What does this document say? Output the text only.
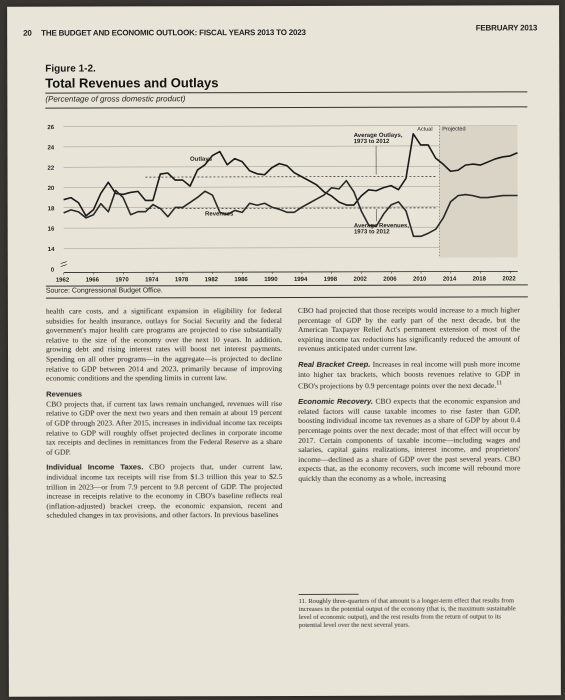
20 THE BUDGET AND ECONOMIC OUTLOOK: FISCAL YEARS 2013 TO 2023
FEBRUARY 2013
Figure 1-2.
Total Revenues and Outlays
(Percentage of gross domestic product)
14
16
18
20
22
24
26
0
1962	1966	1970	1974	1978	1982	1986	1990	1994	1998	2002	2006	2010	2014	2018	2022
Actual Projected
Outlays
Revenues
Average Outlays,
1973 to 2012
Average Revenues,
1973 to 2012
Source: Congressional Budget Office.

health care costs, and a significant expansion in eligibility for federal subsidies for health insurance, outlays for Social Security and the federal government's major health care programs are projected to rise substantially relative to the size of the economy over the next 10 years. In addition, growing debt and rising interest rates will boost net interest payments. Spending on all other programs—in the aggregate—is projected to decline relative to GDP between 2014 and 2023, primarily because of improving economic conditions and the spending limits in current law.

Revenues

CBO projects that, if current tax laws remain unchanged, revenues will rise relative to GDP over the next two years and then remain at about 19 percent of GDP through 2023. After 2015, increases in individual income tax receipts relative to GDP will roughly offset projected declines in corporate income tax receipts and declines in remittances from the Federal Reserve as a share of GDP.

Individual Income Taxes. CBO projects that, under current law, individual income tax receipts will rise from $1.3 trillion this year to $2.5 trillion in 2023—or from 7.9 percent to 9.8 percent of GDP. The projected increase in receipts relative to the economy in CBO's baseline reflects real (inflation-adjusted) bracket creep, the economic expansion, recent and scheduled changes in tax provisions, and other factors. In previous baselines

CBO had projected that those receipts would increase to a much higher percentage of GDP by the early part of the next decade, but the American Taxpayer Relief Act's permanent extension of most of the expiring income tax reductions has significantly reduced the amount of revenues anticipated under current law.

Real Bracket Creep. Increases in real income will push more income into higher tax brackets, which boosts revenues relative to GDP in CBO's projections by 0.9 percentage points over the next decade.$^{11}$

Economic Recovery. CBO expects that the economic expansion and related factors will cause taxable incomes to rise faster than GDP, boosting individual income tax revenues as a share of GDP by about 0.4 percentage points over the next decade; most of that effect will occur by 2017. Certain components of taxable income—including wages and salaries, capital gains realizations, interest income, and proprietors' income—declined as a share of GDP over the past several years. CBO expects that, as the economy recovers, such income will rebound more quickly than the economy as a whole, increasing

11. Roughly three-quarters of that amount is a longer-term effect that results from increases in the potential output of the economy (that is, the maximum sustainable level of economic output), and the rest results from the return of output to its potential level over the next several years.
